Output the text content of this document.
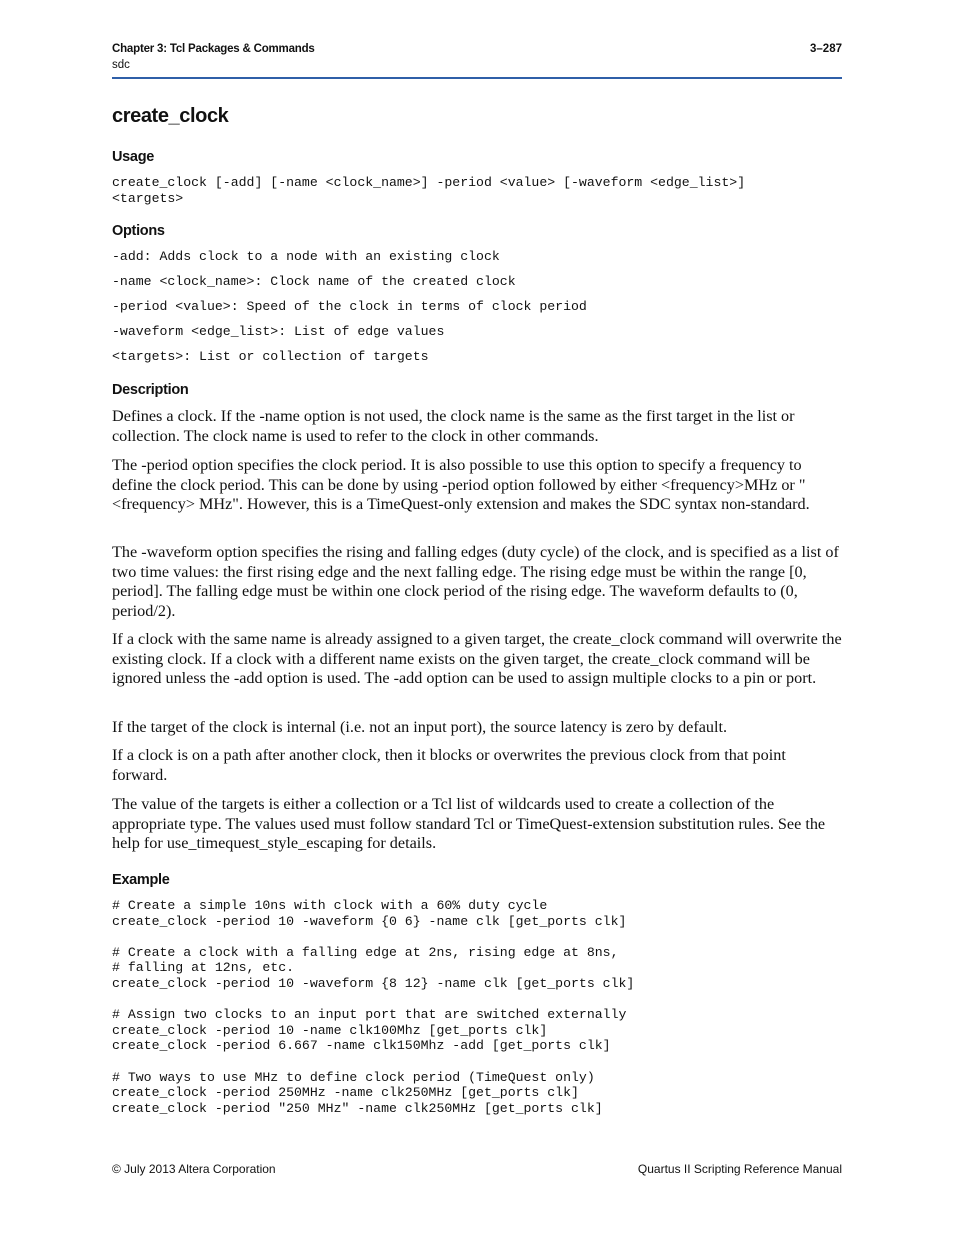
Chapter 3: Tcl Packages & Commands	3–287
sdc
create_clock
Usage
create_clock [-add] [-name <clock_name>] -period <value> [-waveform <edge_list>]
<targets>
Options
-add: Adds clock to a node with an existing clock
-name <clock_name>: Clock name of the created clock
-period <value>: Speed of the clock in terms of clock period
-waveform <edge_list>: List of edge values
<targets>: List or collection of targets
Description
Defines a clock. If the -name option is not used, the clock name is the same as the first target in the list or collection. The clock name is used to refer to the clock in other commands.
The -period option specifies the clock period. It is also possible to use this option to specify a frequency to define the clock period. This can be done by using -period option followed by either <frequency>MHz or "<frequency> MHz". However, this is a TimeQuest-only extension and makes the SDC syntax non-standard.
The -waveform option specifies the rising and falling edges (duty cycle) of the clock, and is specified as a list of two time values: the first rising edge and the next falling edge. The rising edge must be within the range [0, period]. The falling edge must be within one clock period of the rising edge. The waveform defaults to (0, period/2).
If a clock with the same name is already assigned to a given target, the create_clock command will overwrite the existing clock. If a clock with a different name exists on the given target, the create_clock command will be ignored unless the -add option is used. The -add option can be used to assign multiple clocks to a pin or port.
If the target of the clock is internal (i.e. not an input port), the source latency is zero by default.
If a clock is on a path after another clock, then it blocks or overwrites the previous clock from that point forward.
The value of the targets is either a collection or a Tcl list of wildcards used to create a collection of the appropriate type. The values used must follow standard Tcl or TimeQuest-extension substitution rules. See the help for use_timequest_style_escaping for details.
Example
# Create a simple 10ns with clock with a 60% duty cycle
create_clock -period 10 -waveform {0 6} -name clk [get_ports clk]

# Create a clock with a falling edge at 2ns, rising edge at 8ns,
# falling at 12ns, etc.
create_clock -period 10 -waveform {8 12} -name clk [get_ports clk]

# Assign two clocks to an input port that are switched externally
create_clock -period 10 -name clk100Mhz [get_ports clk]
create_clock -period 6.667 -name clk150Mhz -add [get_ports clk]

# Two ways to use MHz to define clock period (TimeQuest only)
create_clock -period 250MHz -name clk250MHz [get_ports clk]
create_clock -period "250 MHz" -name clk250MHz [get_ports clk]
© July 2013 Altera Corporation	Quartus II Scripting Reference Manual
